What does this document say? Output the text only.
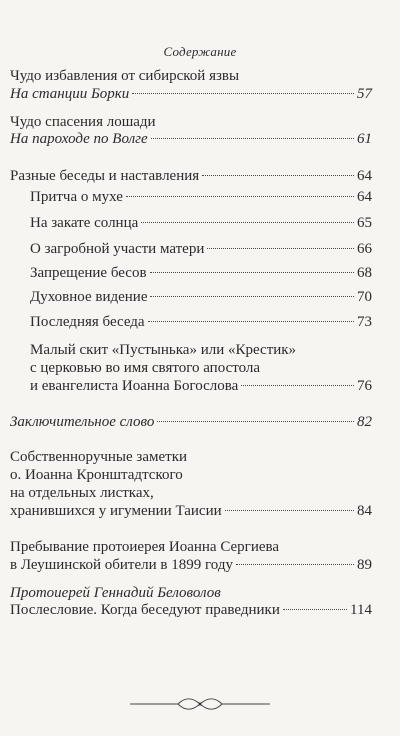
Содержание
Чудо избавления от сибирской язвы
На станции Борки	57
Чудо спасения лошади
На пароходе по Волге	61
Разные беседы и наставления	64
Притча о мухе	64
На закате солнца	65
О загробной участи матери	66
Запрещение бесов	68
Духовное видение	70
Последняя беседа	73
Малый скит «Пустынька» или «Крестик»
с церковью во имя святого апостола
и евангелиста Иоанна Богослова	76
Заключительное слово	82
Собственноручные заметки
о. Иоанна Кронштадтского
на отдельных листках,
хранившихся у игумении Таисии	84
Пребывание протоиерея Иоанна Сергиева
в Леушинской обители в 1899 году	89
Протоиерей Геннадий Беловолов
Послесловие. Когда беседуют праведники	114
